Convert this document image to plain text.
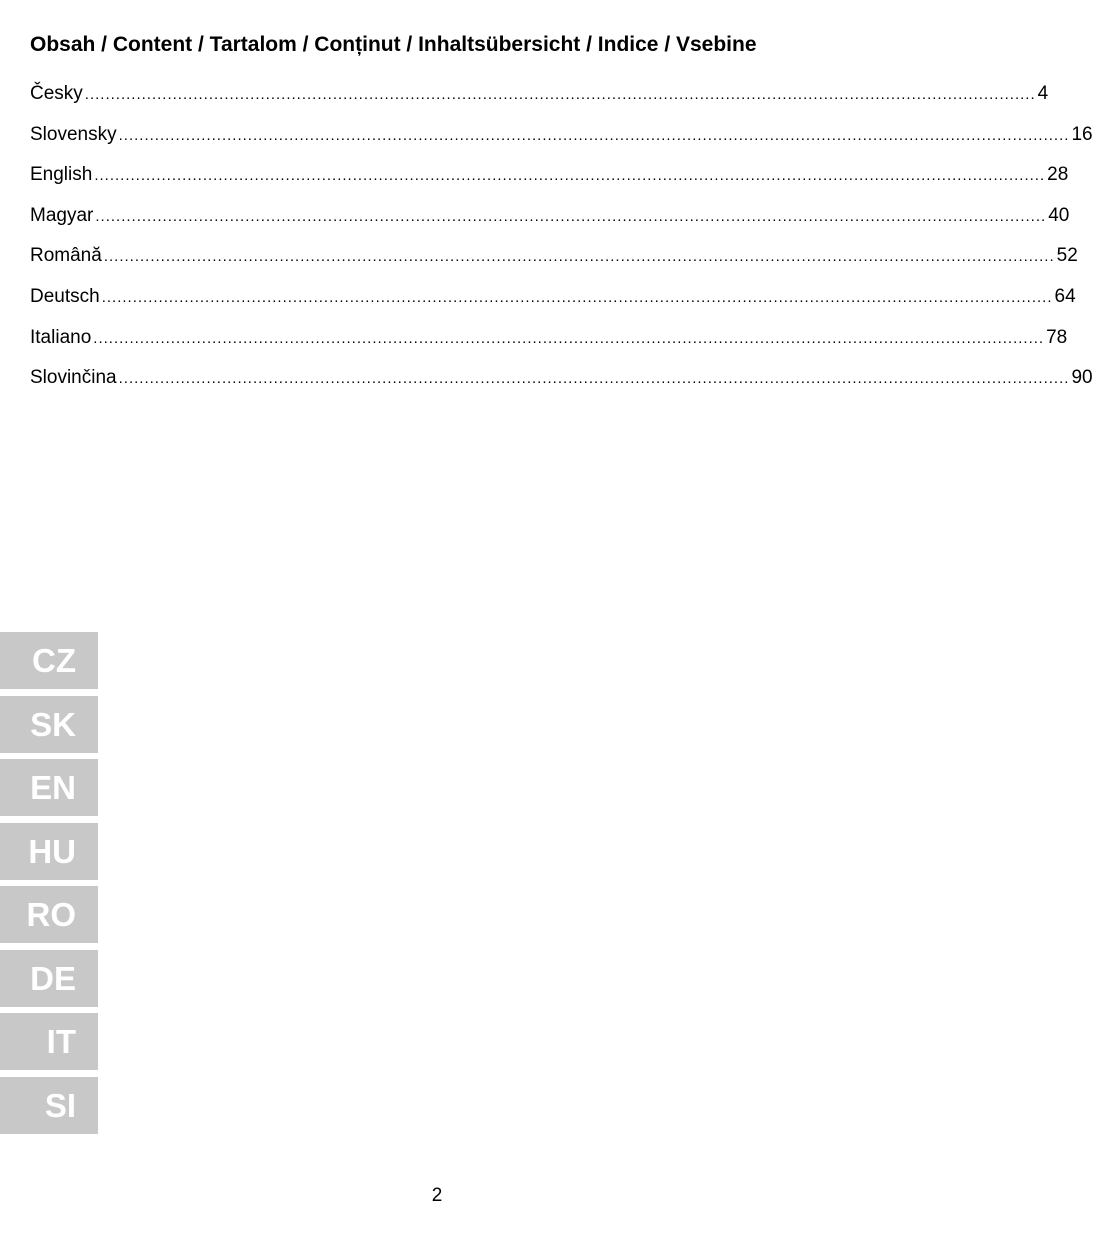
Obsah / Content / Tartalom / Conținut / Inhaltsübersicht / Indice / Vsebine
Česky ........................................................................................................................................................................................ 4
Slovensky ........................................................................................................................................................................................ 16
English ........................................................................................................................................................................................ 28
Magyar ........................................................................................................................................................................................ 40
Română ........................................................................................................................................................................................ 52
Deutsch ........................................................................................................................................................................................ 64
Italiano ........................................................................................................................................................................................ 78
Slovinčina ........................................................................................................................................................................................ 90
CZ
SK
EN
HU
RO
DE
IT
SI
2
